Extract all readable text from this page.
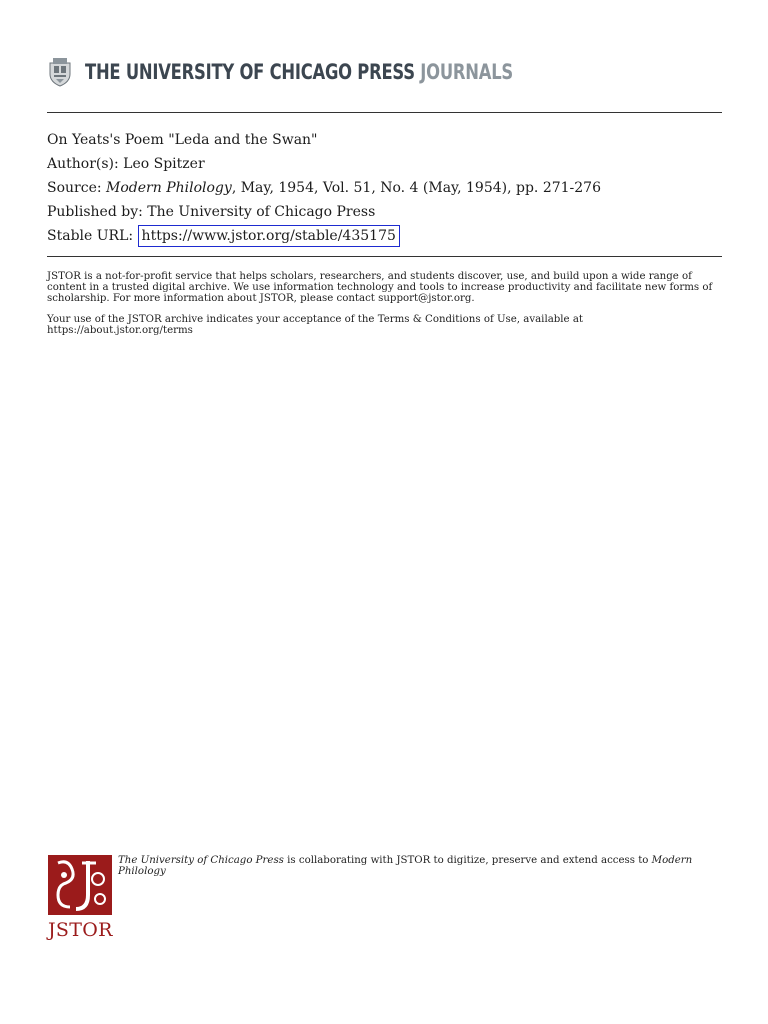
THE UNIVERSITY OF CHICAGO PRESS JOURNALS
On Yeats's Poem "Leda and the Swan"
Author(s): Leo Spitzer
Source: Modern Philology, May, 1954, Vol. 51, No. 4 (May, 1954), pp. 271-276
Published by: The University of Chicago Press
Stable URL: https://www.jstor.org/stable/435175

JSTOR is a not-for-profit service that helps scholars, researchers, and students discover, use, and build upon a wide range of content in a trusted digital archive. We use information technology and tools to increase productivity and facilitate new forms of scholarship. For more information about JSTOR, please contact support@jstor.org.

Your use of the JSTOR archive indicates your acceptance of the Terms & Conditions of Use, available at https://about.jstor.org/terms

JSTOR

The University of Chicago Press is collaborating with JSTOR to digitize, preserve and extend access to Modern Philology
